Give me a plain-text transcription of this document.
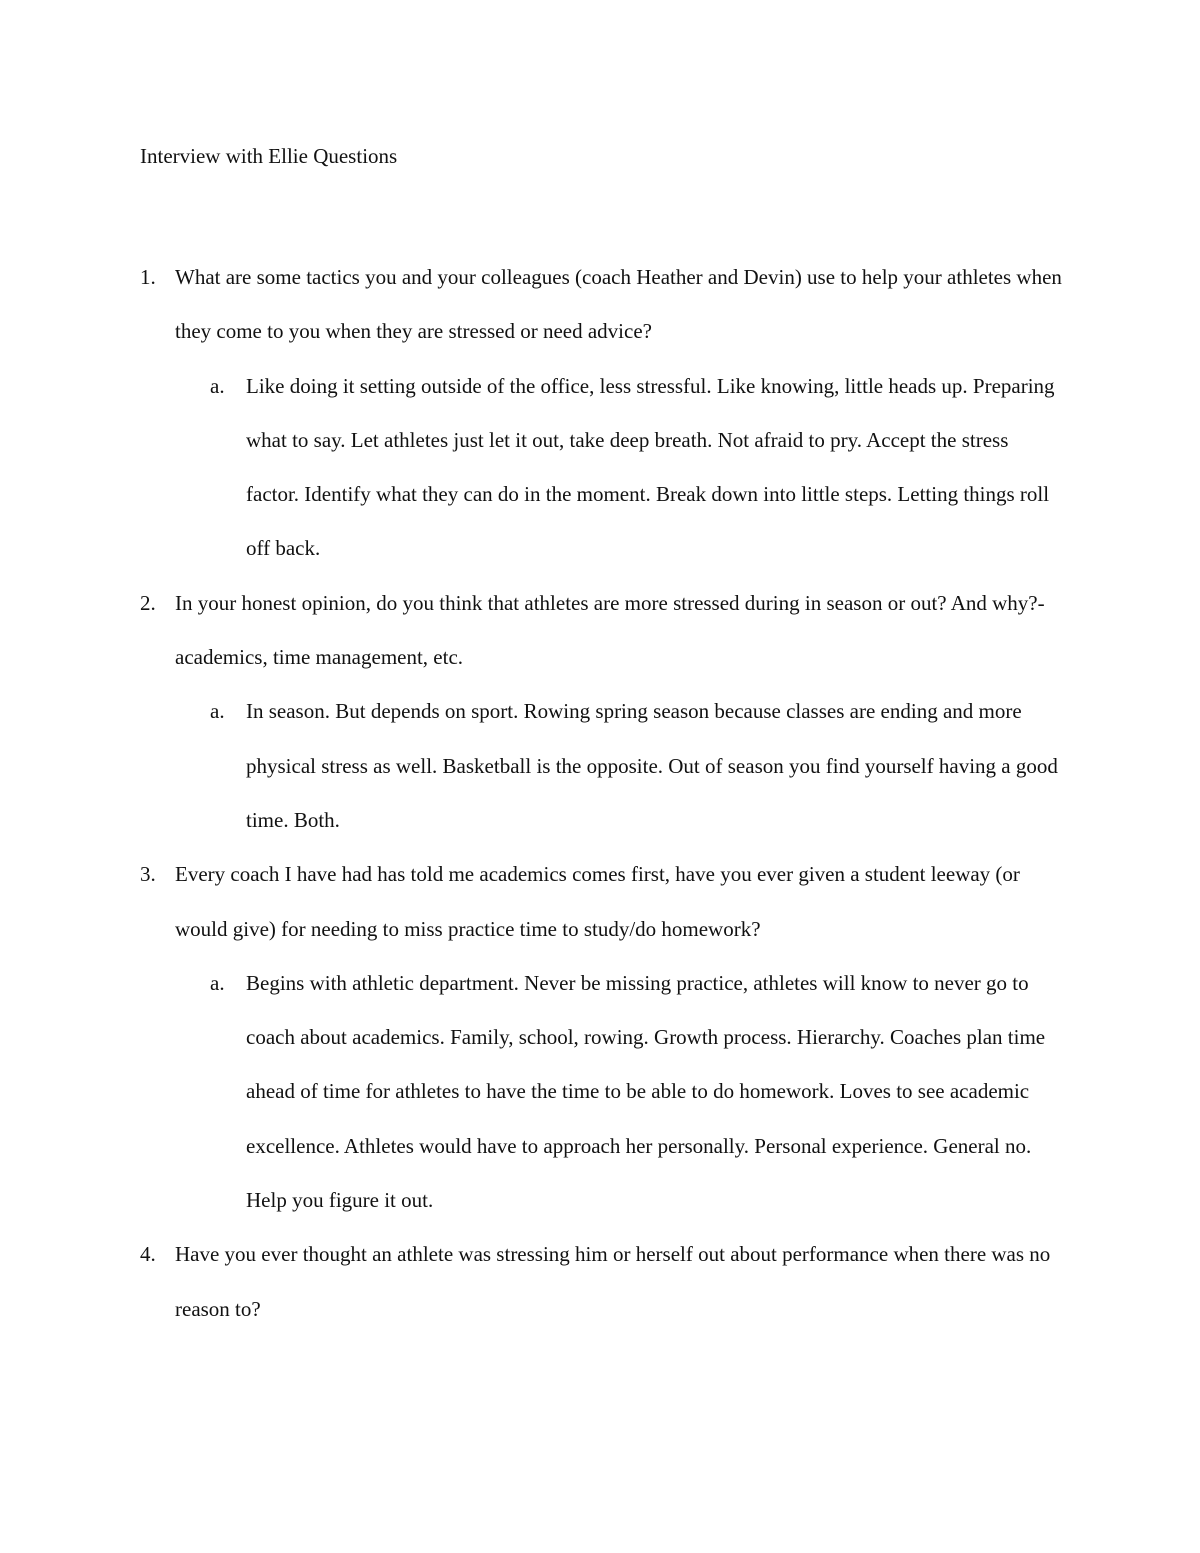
Interview with Ellie Questions
1. What are some tactics you and your colleagues (coach Heather and Devin) use to help your athletes when they come to you when they are stressed or need advice?

a. Like doing it setting outside of the office, less stressful. Like knowing, little heads up. Preparing what to say. Let athletes just let it out, take deep breath. Not afraid to pry. Accept the stress factor. Identify what they can do in the moment. Break down into little steps. Letting things roll off back.

2. In your honest opinion, do you think that athletes are more stressed during in season or out? And why?- academics, time management, etc.

a. In season. But depends on sport. Rowing spring season because classes are ending and more physical stress as well. Basketball is the opposite. Out of season you find yourself having a good time. Both.

3. Every coach I have had has told me academics comes first, have you ever given a student leeway (or would give) for needing to miss practice time to study/do homework?

a. Begins with athletic department. Never be missing practice, athletes will know to never go to coach about academics. Family, school, rowing. Growth process. Hierarchy. Coaches plan time ahead of time for athletes to have the time to be able to do homework. Loves to see academic excellence. Athletes would have to approach her personally. Personal experience. General no. Help you figure it out.

4. Have you ever thought an athlete was stressing him or herself out about performance when there was no reason to?
